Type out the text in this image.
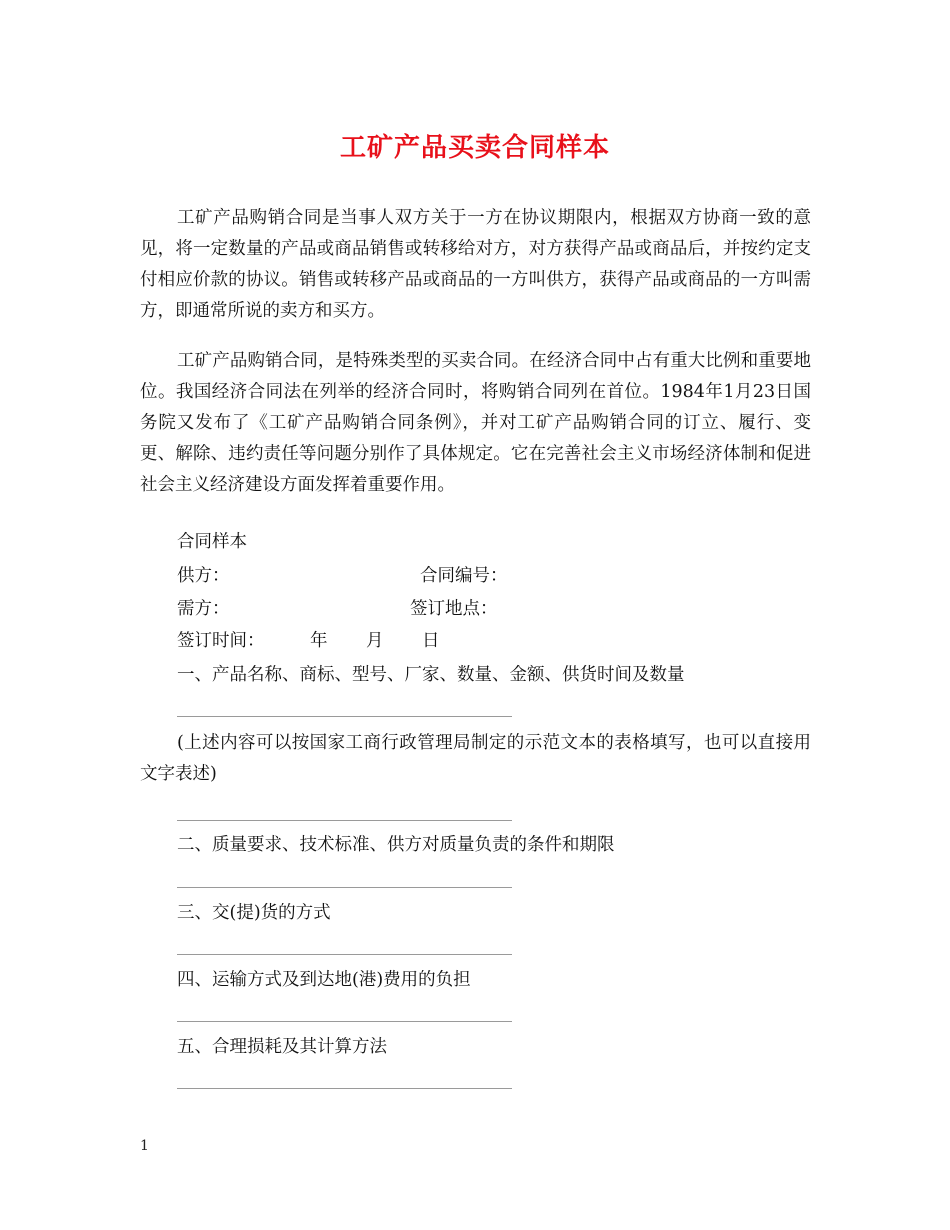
工矿产品买卖合同样本

工矿产品购销合同是当事人双方关于一方在协议期限内，根据双方协商一致的意见，将一定数量的产品或商品销售或转移给对方，对方获得产品或商品后，并按约定支付相应价款的协议。销售或转移产品或商品的一方叫供方，获得产品或商品的一方叫需方，即通常所说的卖方和买方。

工矿产品购销合同，是特殊类型的买卖合同。在经济合同中占有重大比例和重要地位。我国经济合同法在列举的经济合同时，将购销合同列在首位。1984年1月23日国务院又发布了《工矿产品购销合同条例》，并对工矿产品购销合同的订立、履行、变更、解除、违约责任等问题分别作了具体规定。它在完善社会主义市场经济体制和促进社会主义经济建设方面发挥着重要作用。

合同样本
供方：	合同编号：
需方：	签订地点：
签订时间：	年 月 日
一、产品名称、商标、型号、厂家、数量、金额、供货时间及数量

(上述内容可以按国家工商行政管理局制定的示范文本的表格填写，也可以直接用文字表述)

二、质量要求、技术标准、供方对质量负责的条件和期限
三、交(提)货的方式
四、运输方式及到达地(港)费用的负担
五、合理损耗及其计算方法
1
